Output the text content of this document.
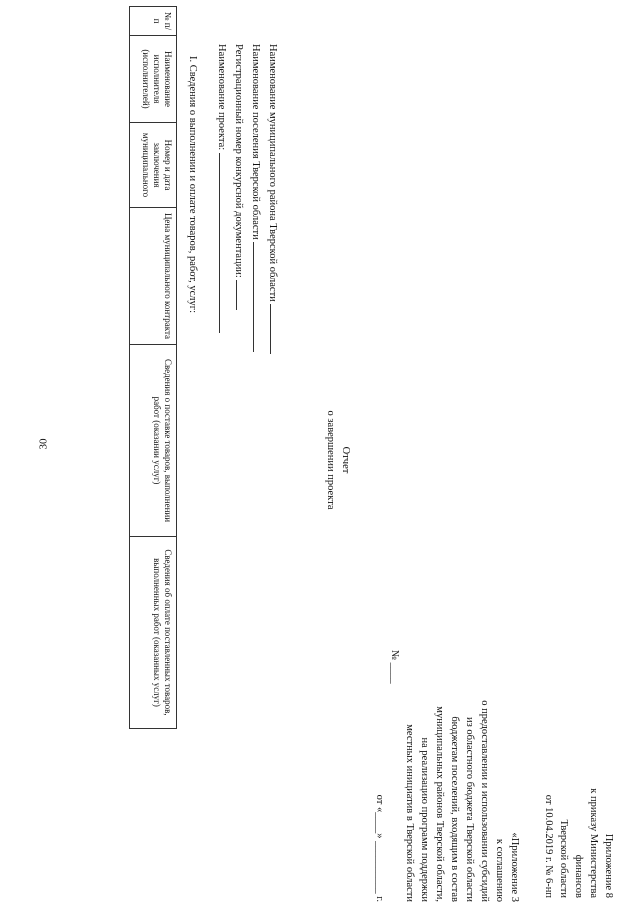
30
Приложение 8
к приказу Министерства финансов
Тверской области
от 10.04.2019 г. № 6-нп
«Приложение 3
к соглашению
о предоставлении и использовании субсидий
из областного бюджета Тверской области
бюджетам поселений, входящим в состав
муниципальных районов Тверской области,
на реализацию программ поддержки
местных инициатив в Тверской области
№ ____
от «____» __________ г.
Отчет
о завершении проекта
Наименование муниципального района Тверской области
Наименование поселения Тверской области
Регистрационный номер конкурсной документации:
Наименование проекта:
I. Сведения о выполнении и оплате товаров, работ, услуг:
№ п/п	Наименование исполнителя (исполнителей)	Номер и дата заключения муниципального	Цена муниципального контракта	Сведения о поставке товаров, выполнении работ (оказании услуг)	Сведения об оплате поставленных товаров, выполненных работ (оказанных услуг)
